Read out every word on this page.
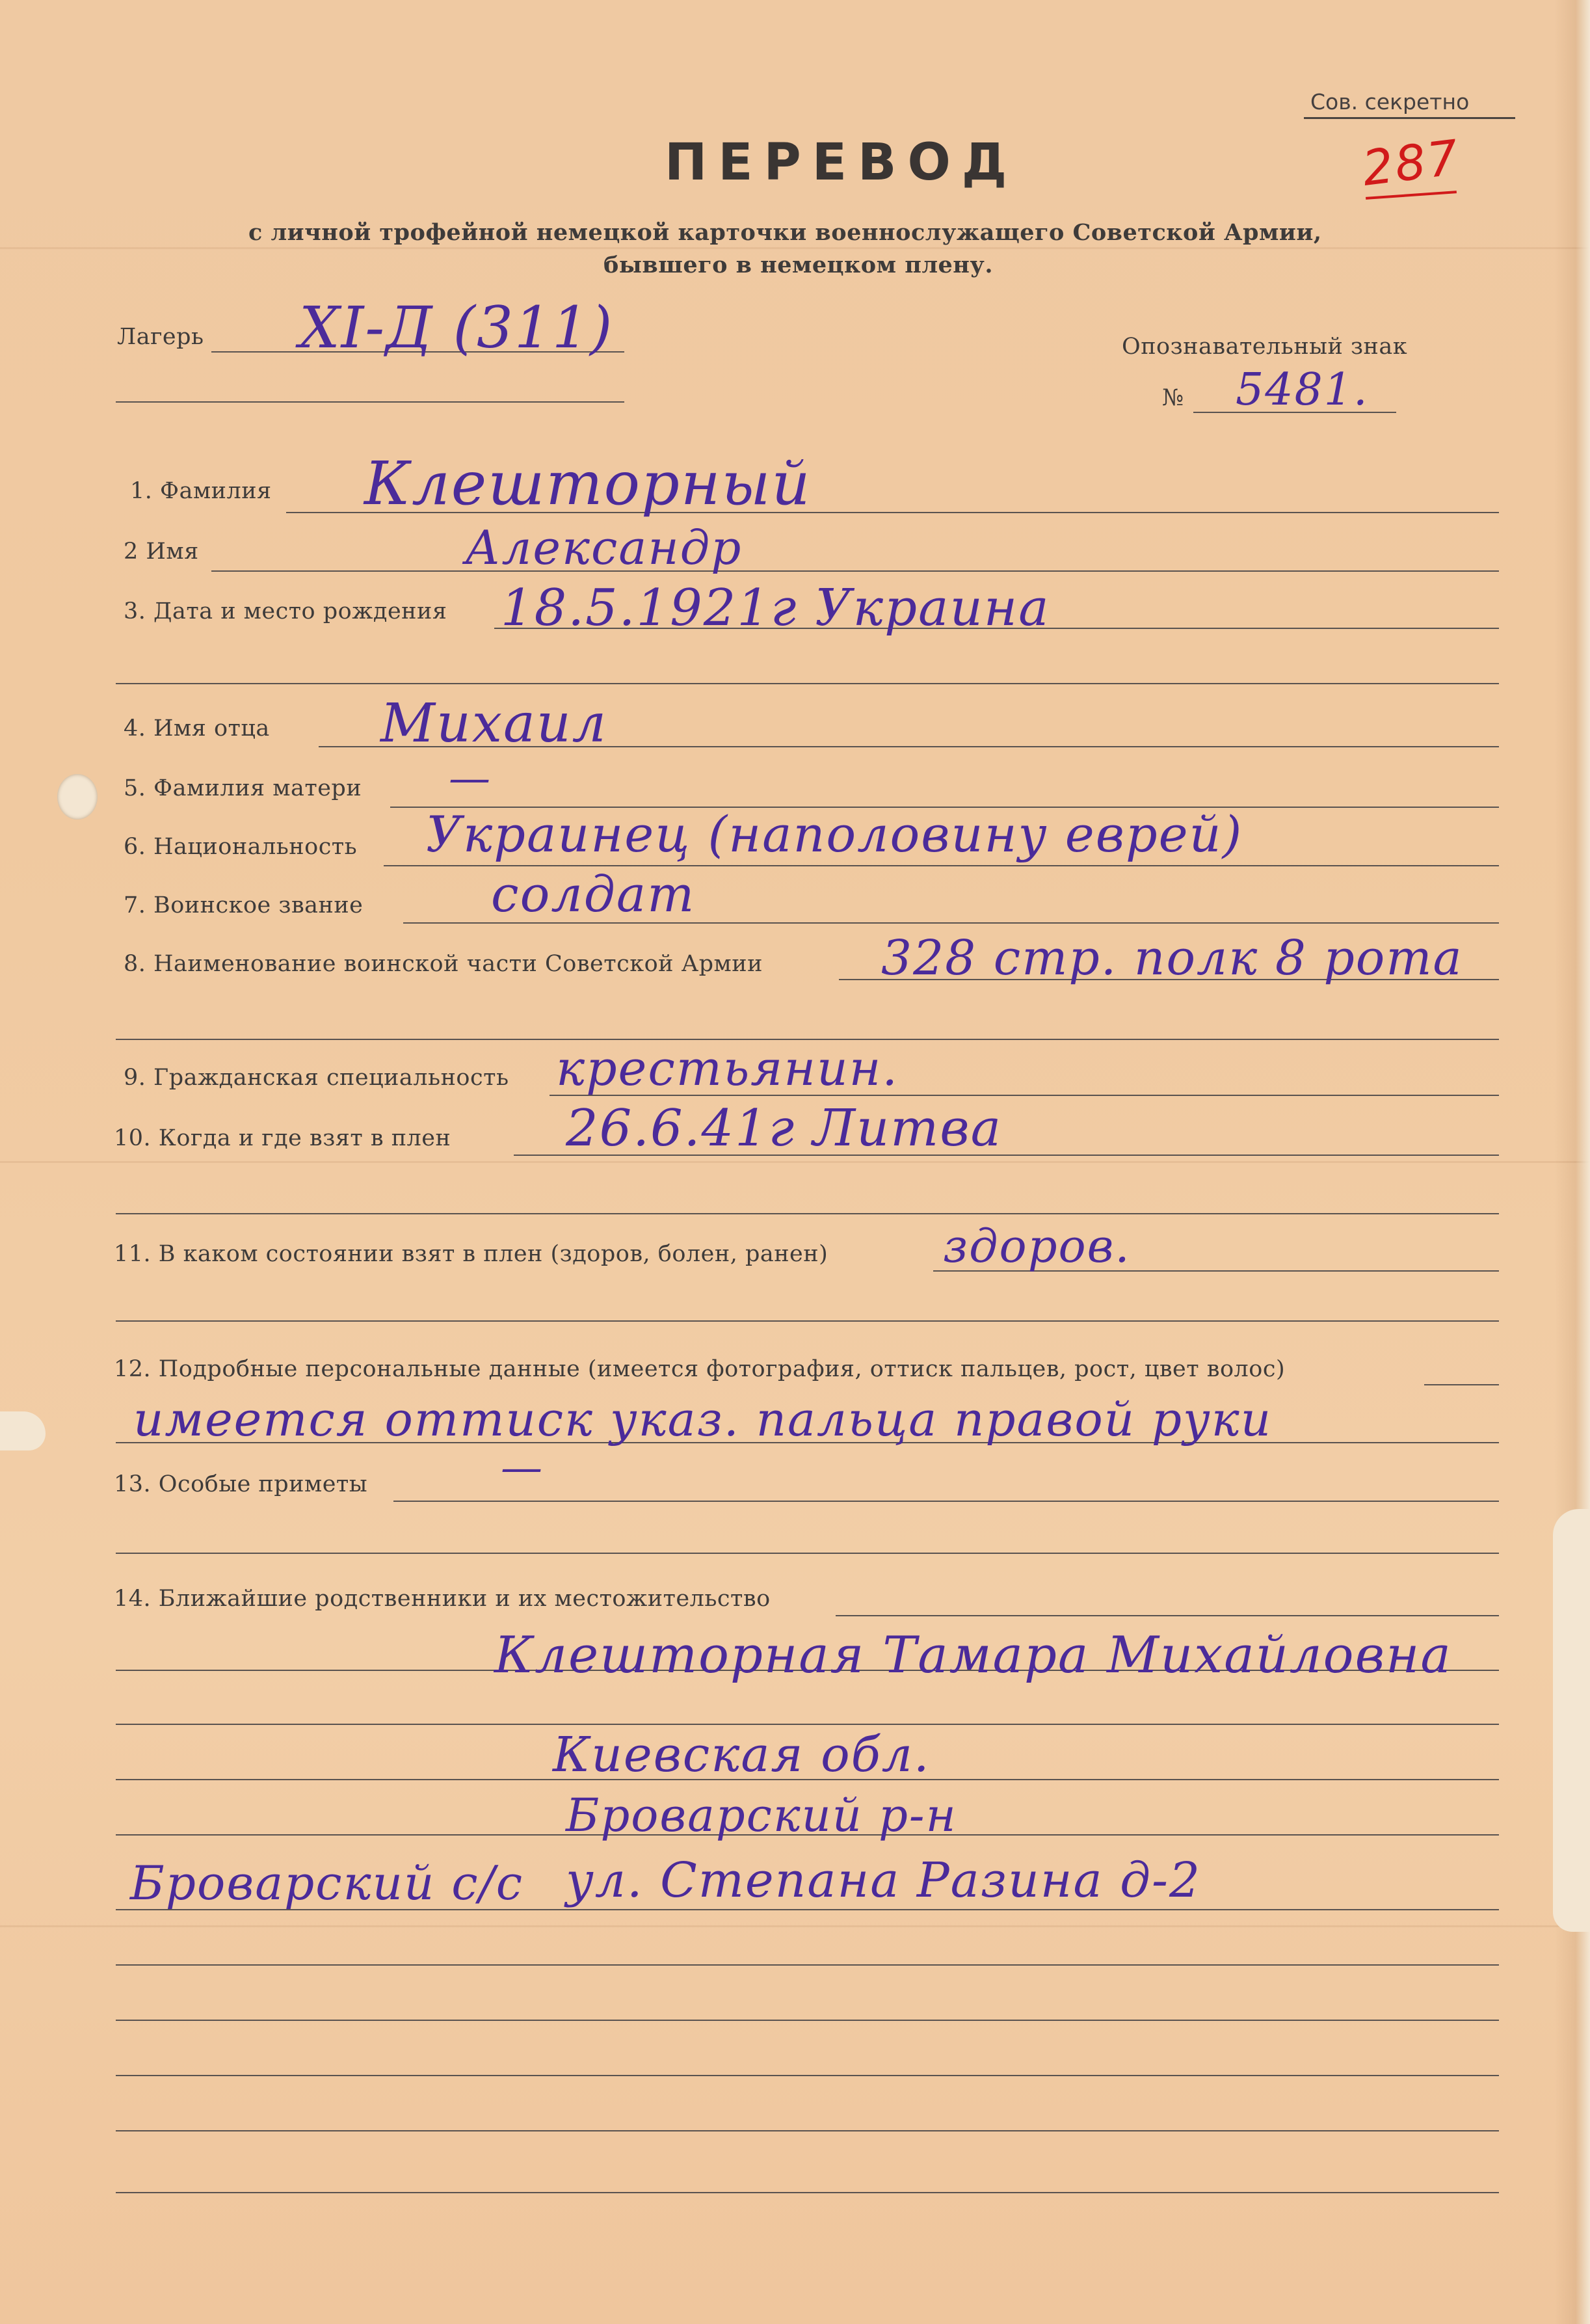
Сов. секретно
287
ПЕРЕВОД
с личной трофейной немецкой карточки военнослужащего Советской Армии,
бывшего в немецком плену.
Лагерь XI-Д (311)	Опознавательный знак
№ 5481.
1. Фамилия Клешторный
2 Имя	Александр
3. Дата и место рождения 18.5.1921г Украина
4. Имя отца Михаил
5. Фамилия матери —
6. Национальность Украинец (наполовину еврей)
7. Воинское звание	солдат
8. Наименование воинской части Советской Армии 328 стр. полк 8 рота
9. Гражданская специальность крестьянин.
10. Когда и где взят в плен 26.6.41г Литва
11. В каком состоянии взят в плен (здоров, болен, ранен)	здоров.
12. Подробные персональные данные (имеется фотография, оттиск пальцев, рост, цвет волос)
имеется оттиск указ. пальца правой руки
13. Особые приметы	—
14. Ближайшие родственники и их местожительство
Клешторная Тамара Михайловна
Киевская обл.
Броварский р-н
Броварский с/с ул. Степана Разина д-2
